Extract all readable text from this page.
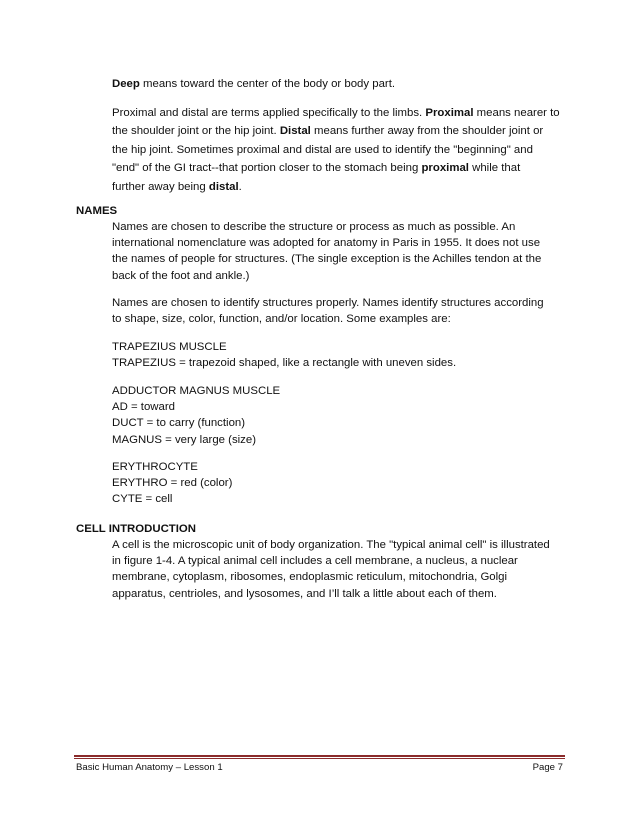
Deep means toward the center of the body or body part.

Proximal and distal are terms applied specifically to the limbs. Proximal means nearer to
the shoulder joint or the hip joint. Distal means further away from the shoulder joint or
the hip joint. Sometimes proximal and distal are used to identify the "beginning" and
"end" of the GI tract--that portion closer to the stomach being proximal while that
further away being distal.
NAMES
Names are chosen to describe the structure or process as much as possible. An
international nomenclature was adopted for anatomy in Paris in 1955. It does not use
the names of people for structures. (The single exception is the Achilles tendon at the
back of the foot and ankle.)
Names are chosen to identify structures properly. Names identify structures according
to shape, size, color, function, and/or location. Some examples are:
TRAPEZIUS MUSCLE
TRAPEZIUS = trapezoid shaped, like a rectangle with uneven sides.
ADDUCTOR MAGNUS MUSCLE
AD = toward
DUCT = to carry (function)
MAGNUS = very large (size)
ERYTHROCYTE
ERYTHRO = red (color)
CYTE = cell
CELL INTRODUCTION
A cell is the microscopic unit of body organization. The "typical animal cell" is illustrated
in figure 1-4. A typical animal cell includes a cell membrane, a nucleus, a nuclear
membrane, cytoplasm, ribosomes, endoplasmic reticulum, mitochondria, Golgi
apparatus, centrioles, and lysosomes, and I’ll talk a little about each of them.
Basic Human Anatomy – Lesson 1	Page 7
